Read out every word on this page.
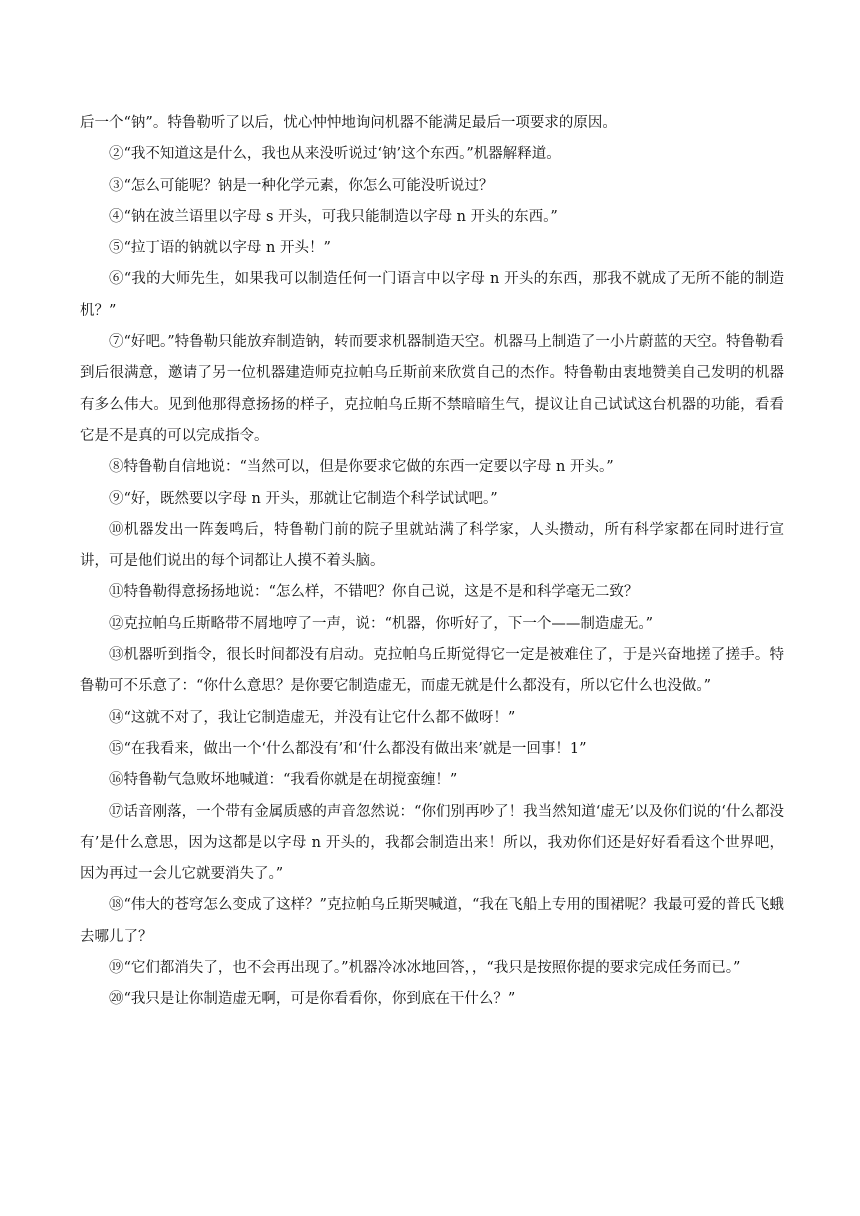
后一个“钠”。特鲁勒听了以后，忧心忡忡地询问机器不能满足最后一项要求的原因。

②“我不知道这是什么，我也从来没听说过‘钠’这个东西。”机器解释道。

③“怎么可能呢？钠是一种化学元素，你怎么可能没听说过？

④“钠在波兰语里以字母 s 开头，可我只能制造以字母 n 开头的东西。”

⑤“拉丁语的钠就以字母 n 开头！”

⑥“我的大师先生，如果我可以制造任何一门语言中以字母 n 开头的东西，那我不就成了无所不能的制造机？”

⑦“好吧。”特鲁勒只能放弃制造钠，转而要求机器制造天空。机器马上制造了一小片蔚蓝的天空。特鲁勒看到后很满意，邀请了另一位机器建造师克拉帕乌丘斯前来欣赏自己的杰作。特鲁勒由衷地赞美自己发明的机器有多么伟大。见到他那得意扬扬的样子，克拉帕乌丘斯不禁暗暗生气，提议让自己试试这台机器的功能，看看它是不是真的可以完成指令。

⑧特鲁勒自信地说：“当然可以，但是你要求它做的东西一定要以字母 n 开头。”

⑨“好，既然要以字母 n 开头，那就让它制造个科学试试吧。”

⑩机器发出一阵轰鸣后，特鲁勒门前的院子里就站满了科学家，人头攒动，所有科学家都在同时进行宣讲，可是他们说出的每个词都让人摸不着头脑。

⑪特鲁勒得意扬扬地说：“怎么样，不错吧？你自己说，这是不是和科学毫无二致？

⑫克拉帕乌丘斯略带不屑地哼了一声，说：“机器，你听好了，下一个——制造虚无。”

⑬机器听到指令，很长时间都没有启动。克拉帕乌丘斯觉得它一定是被难住了，于是兴奋地搓了搓手。特鲁勒可不乐意了：“你什么意思？是你要它制造虚无，而虚无就是什么都没有，所以它什么也没做。”

⑭“这就不对了，我让它制造虚无，并没有让它什么都不做呀！”

⑮“在我看来，做出一个‘什么都没有’和‘什么都没有做出来’就是一回事！1”

⑯特鲁勒气急败坏地喊道：“我看你就是在胡搅蛮缠！”

⑰话音刚落，一个带有金属质感的声音忽然说：“你们别再吵了！我当然知道‘虚无’以及你们说的‘什么都没有’是什么意思，因为这都是以字母 n 开头的，我都会制造出来！所以，我劝你们还是好好看看这个世界吧，因为再过一会儿它就要消失了。”

⑱“伟大的苍穹怎么变成了这样？”克拉帕乌丘斯哭喊道，“我在飞船上专用的围裙呢？我最可爱的普氏飞蛾去哪儿了？

⑲“它们都消失了，也不会再出现了。”机器冷冰冰地回答，，“我只是按照你提的要求完成任务而已。”

⑳“我只是让你制造虚无啊，可是你看看你，你到底在干什么？”
